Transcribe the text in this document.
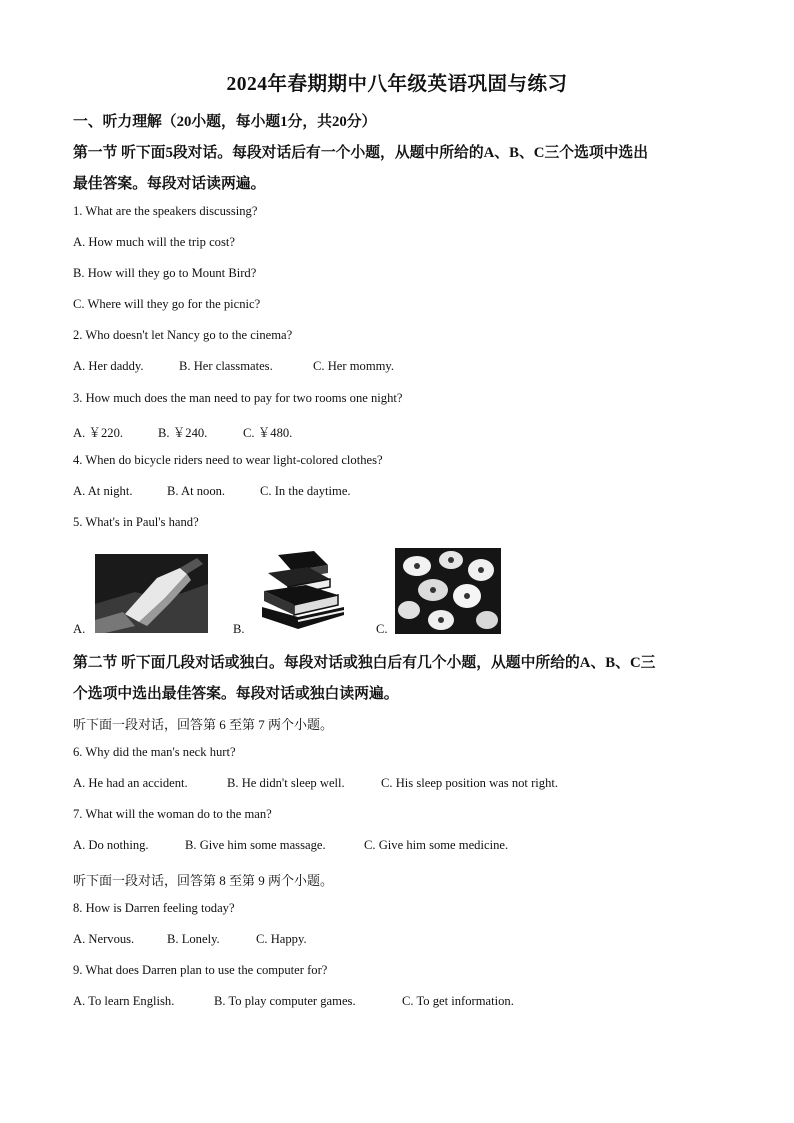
2024年春期期中八年级英语巩固与练习
一、听力理解（20小题，每小题1分，共20分）
第一节 听下面5段对话。每段对话后有一个小题，从题中所给的A、B、C三个选项中选出
最佳答案。每段对话读两遍。
1. What are the speakers discussing?
A. How much will the trip cost?
B. How will they go to Mount Bird?
C. Where will they go for the picnic?
2. Who doesn't let Nancy go to the cinema?
A. Her daddy.	B. Her classmates.	C. Her mommy.
3. How much does the man need to pay for two rooms one night?
A. ￥220.	B. ￥240.	C. ￥480.
4. When do bicycle riders need to wear light-colored clothes?
A. At night.	B. At noon.	C. In the daytime.
5. What's in Paul's hand?
A.	B.	C.
第二节 听下面几段对话或独白。每段对话或独白后有几个小题，从题中所给的A、B、C三
个选项中选出最佳答案。每段对话或独白读两遍。
听下面一段对话，回答第 6 至第 7 两个小题。
6. Why did the man's neck hurt?
A. He had an accident.	B. He didn't sleep well.	C. His sleep position was not right.
7. What will the woman do to the man?
A. Do nothing.	B. Give him some massage.	C. Give him some medicine.
听下面一段对话，回答第 8 至第 9 两个小题。
8. How is Darren feeling today?
A. Nervous.	B. Lonely.	C. Happy.
9. What does Darren plan to use the computer for?
A. To learn English.	B. To play computer games.	C. To get information.
